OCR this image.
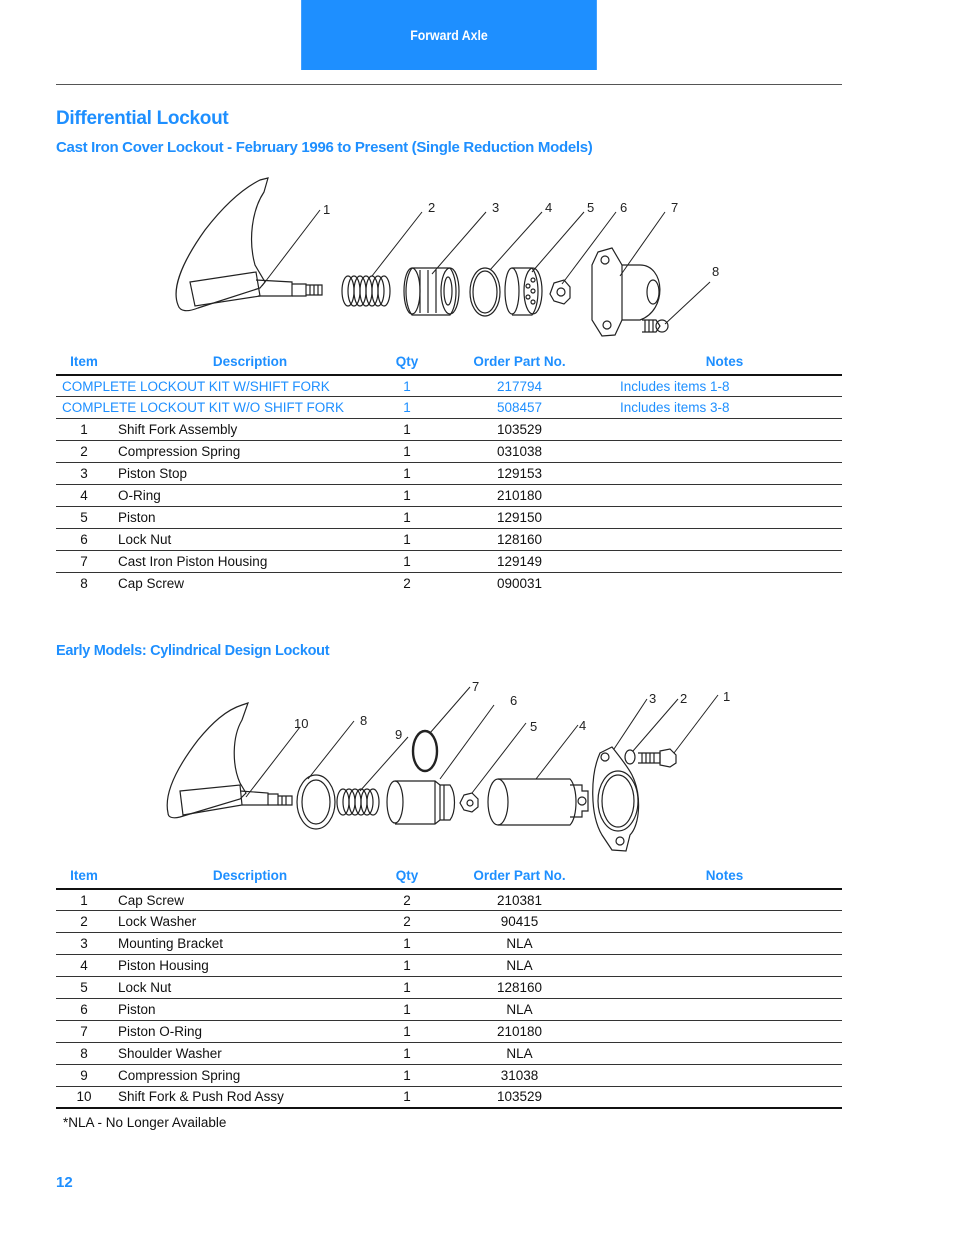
Forward Axle
Differential Lockout
Cast Iron Cover Lockout - February 1996 to Present (Single Reduction Models)
1	2	3	4	5 6	7
8
Item	Description	Qty	Order Part No.	Notes
COMPLETE LOCKOUT KIT W/SHIFT FORK		1	217794	Includes items 1-8
COMPLETE LOCKOUT KIT W/O SHIFT FORK		1	508457	Includes items 3-8
1	Shift Fork Assembly	1	103529	
2	Compression Spring	1	031038	
3	Piston Stop	1	129153	
4	O-Ring	1	210180	
5	Piston	1	129150	
6	Lock Nut	1	128160	
7	Cast Iron Piston Housing	1	129149	
8	Cap Screw	2	090031	
Early Models: Cylindrical Design Lockout
10	8
9
7
6
5	4
3 2	1
Item	Description	Qty	Order Part No.	Notes
1	Cap Screw	2	210381	
2	Lock Washer	2	90415	
3	Mounting Bracket	1	NLA	
4	Piston Housing	1	NLA	
5	Lock Nut	1	128160	
6	Piston	1	NLA	
7	Piston O-Ring	1	210180	
8	Shoulder Washer	1	NLA	
9	Compression Spring	1	31038	
10	Shift Fork & Push Rod Assy	1	103529	
*NLA - No Longer Available
12
